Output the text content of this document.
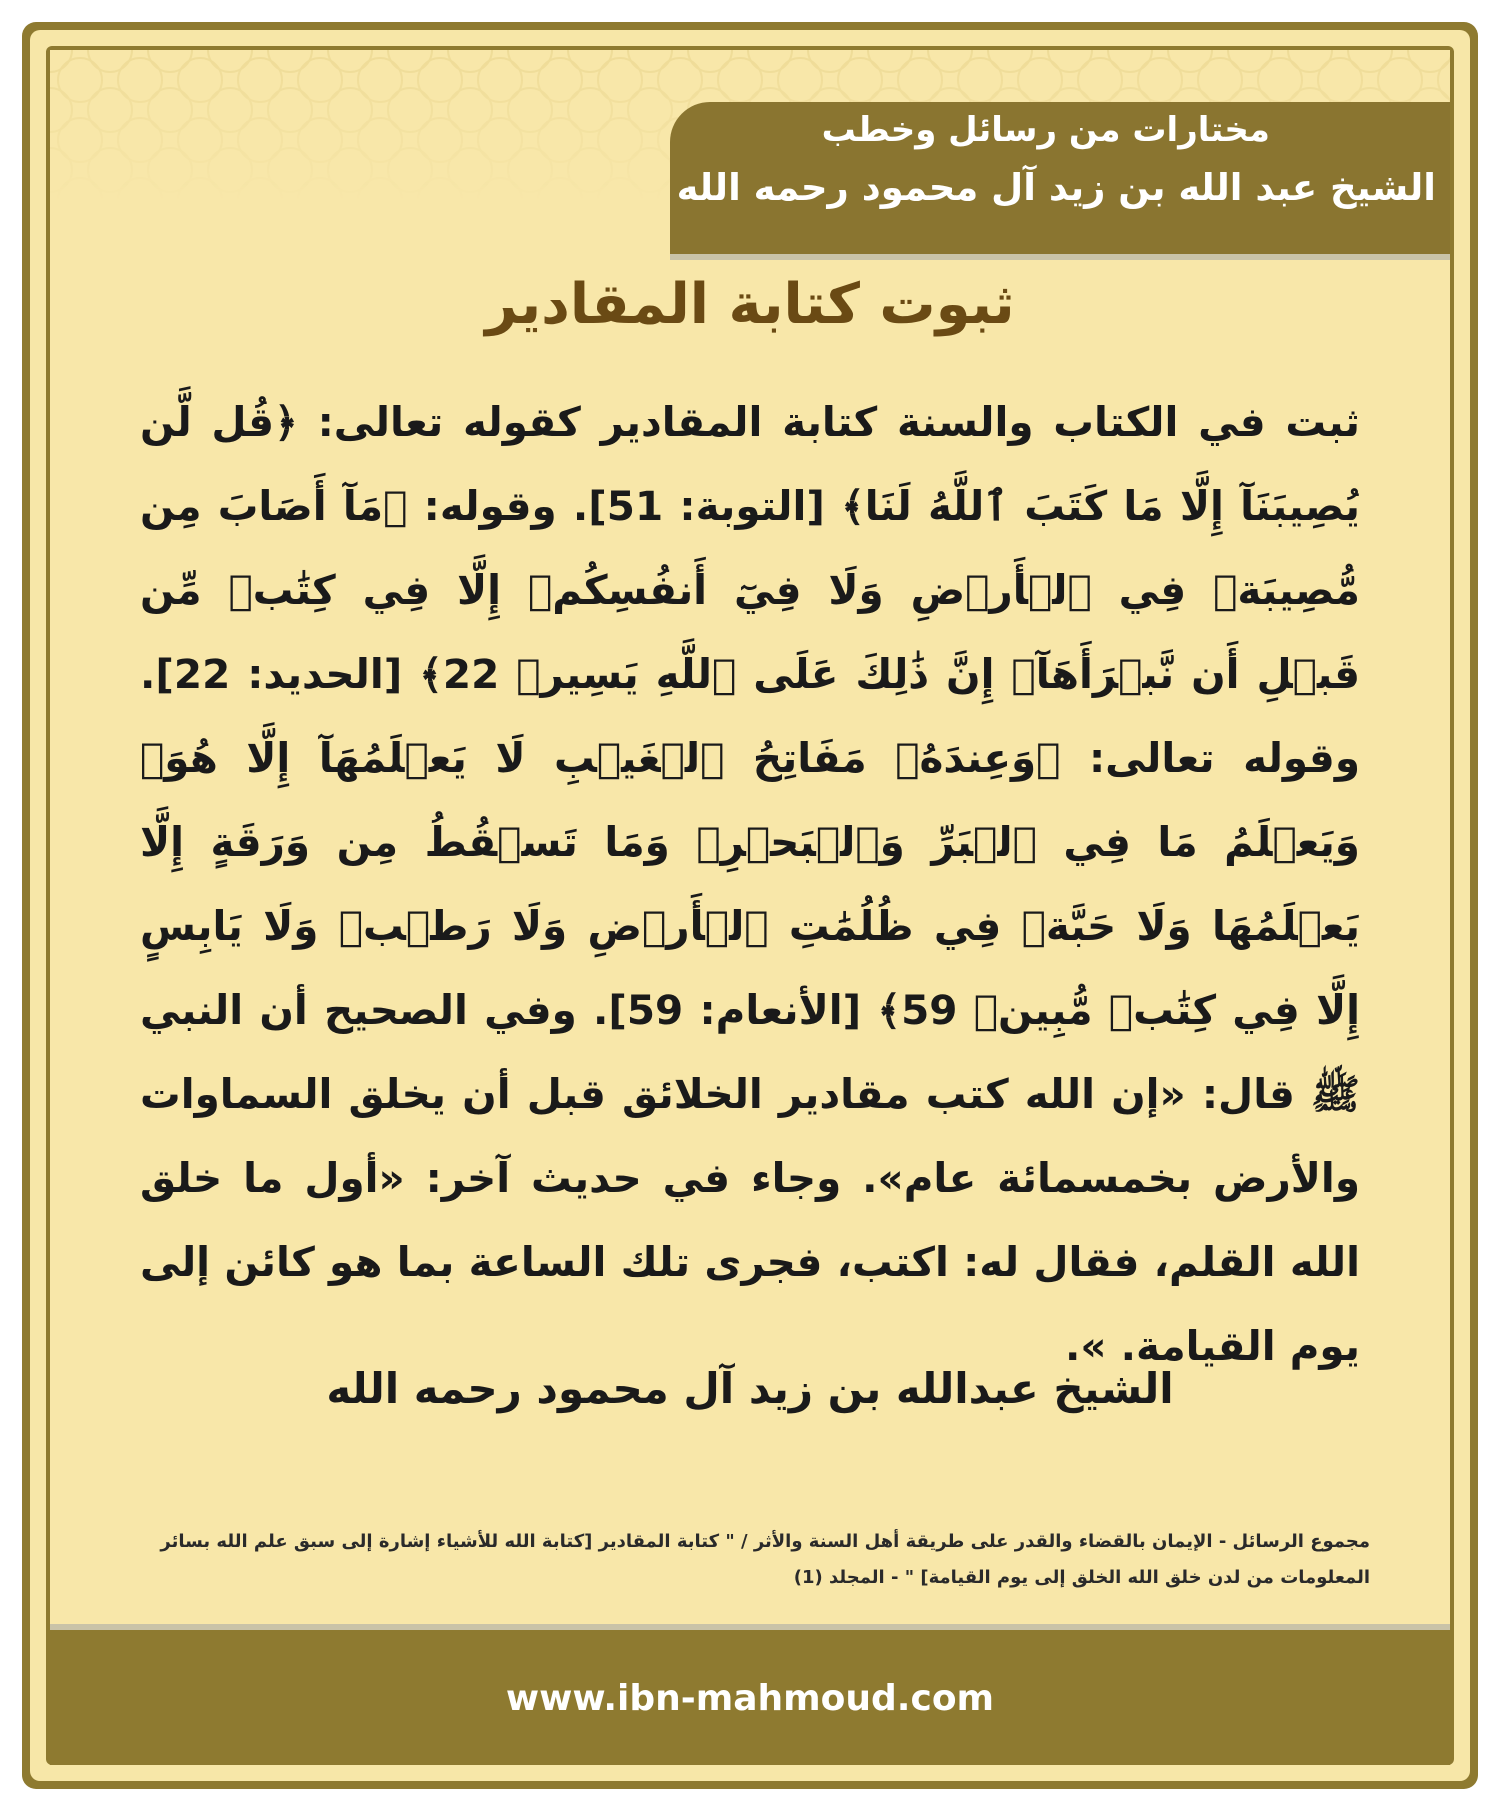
مختارات من رسائل وخطب
الشيخ عبد الله بن زيد آل محمود رحمه الله
ثبوت كتابة المقادير
ثبت في الكتاب والسنة كتابة المقادير كقوله تعالى: ﴿قُل لَّن يُصِيبَنَآ إِلَّا مَا كَتَبَ ٱللَّهُ لَنَا﴾ [التوبة: 51]. وقوله: ﴿مَآ أَصَابَ مِن مُّصِيبَةٖ فِي ٱلۡأَرۡضِ وَلَا فِيٓ أَنفُسِكُمۡ إِلَّا فِي كِتَٰبٖ مِّن قَبۡلِ أَن نَّبۡرَأَهَآۚ إِنَّ ذَٰلِكَ عَلَى ٱللَّهِ يَسِيرٞ 22﴾ [الحديد: 22]. وقوله تعالى: ﴿وَعِندَهُۥ مَفَاتِحُ ٱلۡغَيۡبِ لَا يَعۡلَمُهَآ إِلَّا هُوَۚ وَيَعۡلَمُ مَا فِي ٱلۡبَرِّ وَٱلۡبَحۡرِۚ وَمَا تَسۡقُطُ مِن وَرَقَةٍ إِلَّا يَعۡلَمُهَا وَلَا حَبَّةٖ فِي ظُلُمَٰتِ ٱلۡأَرۡضِ وَلَا رَطۡبٖ وَلَا يَابِسٍ إِلَّا فِي كِتَٰبٖ مُّبِينٖ 59﴾ [الأنعام: 59]. وفي الصحيح أن النبي ﷺ قال: «إن الله كتب مقادير الخلائق قبل أن يخلق السماوات والأرض بخمسمائة عام». وجاء في حديث آخر: «أول ما خلق الله القلم، فقال له: اكتب، فجرى تلك الساعة بما هو كائن إلى يوم القيامة. ».
الشيخ عبدالله بن زيد آل محمود رحمه الله
مجموع الرسائل - الإيمان بالقضاء والقدر على طريقة أهل السنة والأثر / " كتابة المقادير [كتابة الله للأشياء إشارة إلى سبق علم الله بسائر المعلومات من لدن خلق الله الخلق إلى يوم القيامة] " - المجلد (1)
www.ibn-mahmoud.com
